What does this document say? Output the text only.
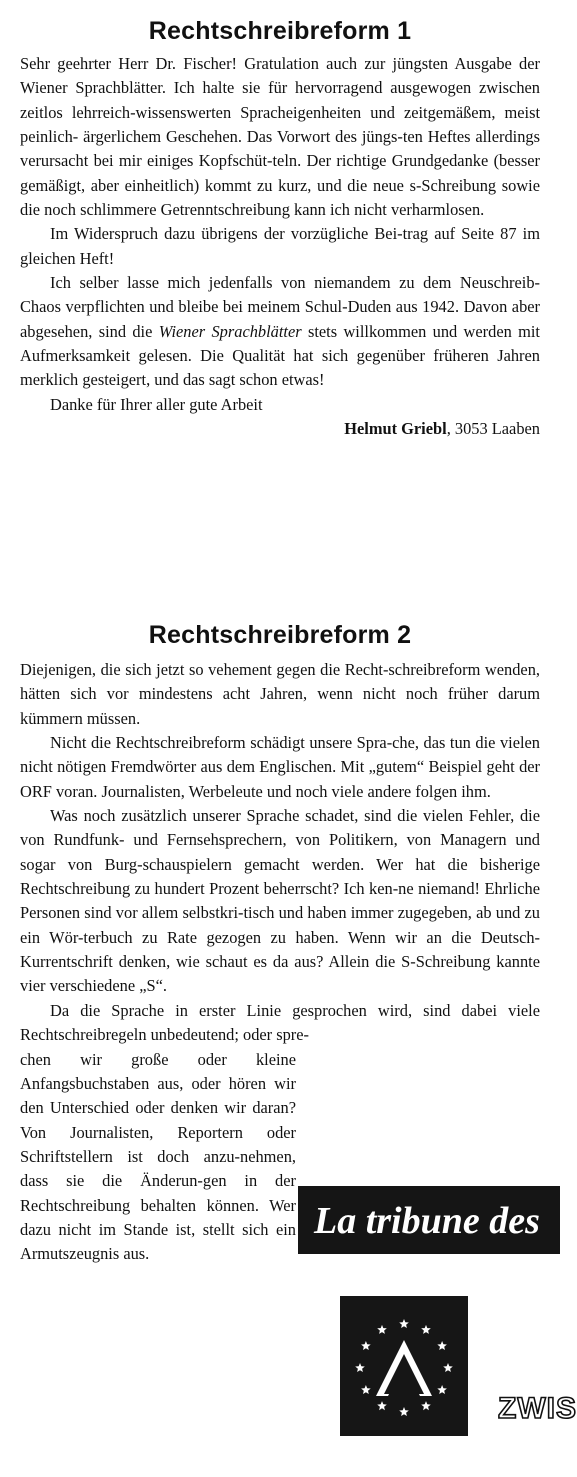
Rechtschreibreform 1

Sehr geehrter Herr Dr. Fischer! Gratulation auch zur jüngsten Ausgabe der Wiener Sprachblätter. Ich halte sie für hervorragend ausgewogen zwischen zeitlos lehrreich-wissenswerten Spracheigenheiten und zeitgemäßem, meist peinlich- ärgerlichem Geschehen. Das Vorwort des jüngs-ten Heftes allerdings verursacht bei mir einiges Kopfschüt-teln. Der richtige Grundgedanke (besser gemäßigt, aber einheitlich) kommt zu kurz, und die neue s-Schreibung sowie die noch schlimmere Getrenntschreibung kann ich nicht verharmlosen.

Im Widerspruch dazu übrigens der vorzügliche Bei-trag auf Seite 87 im gleichen Heft!

Ich selber lasse mich jedenfalls von niemandem zu dem Neuschreib-Chaos verpflichten und bleibe bei meinem Schul-Duden aus 1942. Davon aber abgesehen, sind die Wiener Sprachblätter stets willkommen und werden mit Aufmerksamkeit gelesen. Die Qualität hat sich gegenüber früheren Jahren merklich gesteigert, und das sagt schon etwas!

Danke für Ihrer aller gute Arbeit

Helmut Griebl, 3053 Laaben
Rechtschreibreform 2

Diejenigen, die sich jetzt so vehement gegen die Recht-schreibreform wenden, hätten sich vor mindestens acht Jahren, wenn nicht noch früher darum kümmern müssen.

Nicht die Rechtschreibreform schädigt unsere Spra-che, das tun die vielen nicht nötigen Fremdwörter aus dem Englischen. Mit „gutem“ Beispiel geht der ORF voran. Journalisten, Werbeleute und noch viele andere folgen ihm.

Was noch zusätzlich unserer Sprache schadet, sind die vielen Fehler, die von Rundfunk- und Fernsehsprechern, von Politikern, von Managern und sogar von Burg-schauspielern gemacht werden. Wer hat die bisherige Rechtschreibung zu hundert Prozent beherrscht? Ich ken-ne niemand! Ehrliche Personen sind vor allem selbstkri-tisch und haben immer zugegeben, ab und zu ein Wör-terbuch zu Rate gezogen zu haben. Wenn wir an die Deutsch-Kurrentschrift denken, wie schaut es da aus? Allein die S-Schreibung kannte vier verschiedene „S“.

Da die Sprache in erster Linie gesprochen wird, sind dabei viele Rechtschreibregeln unbedeutend; oder spre-

chen wir große oder kleine Anfangsbuchstaben aus, oder hören wir den Unterschied oder denken wir daran? Von Journalisten, Reportern oder Schriftstellern ist doch anzu-nehmen, dass sie die Änderun-gen in der Rechtschreibung behalten können. Wer dazu nicht im Stande ist, stellt sich ein Armutszeugnis aus.

La tribune des
ZWIS
